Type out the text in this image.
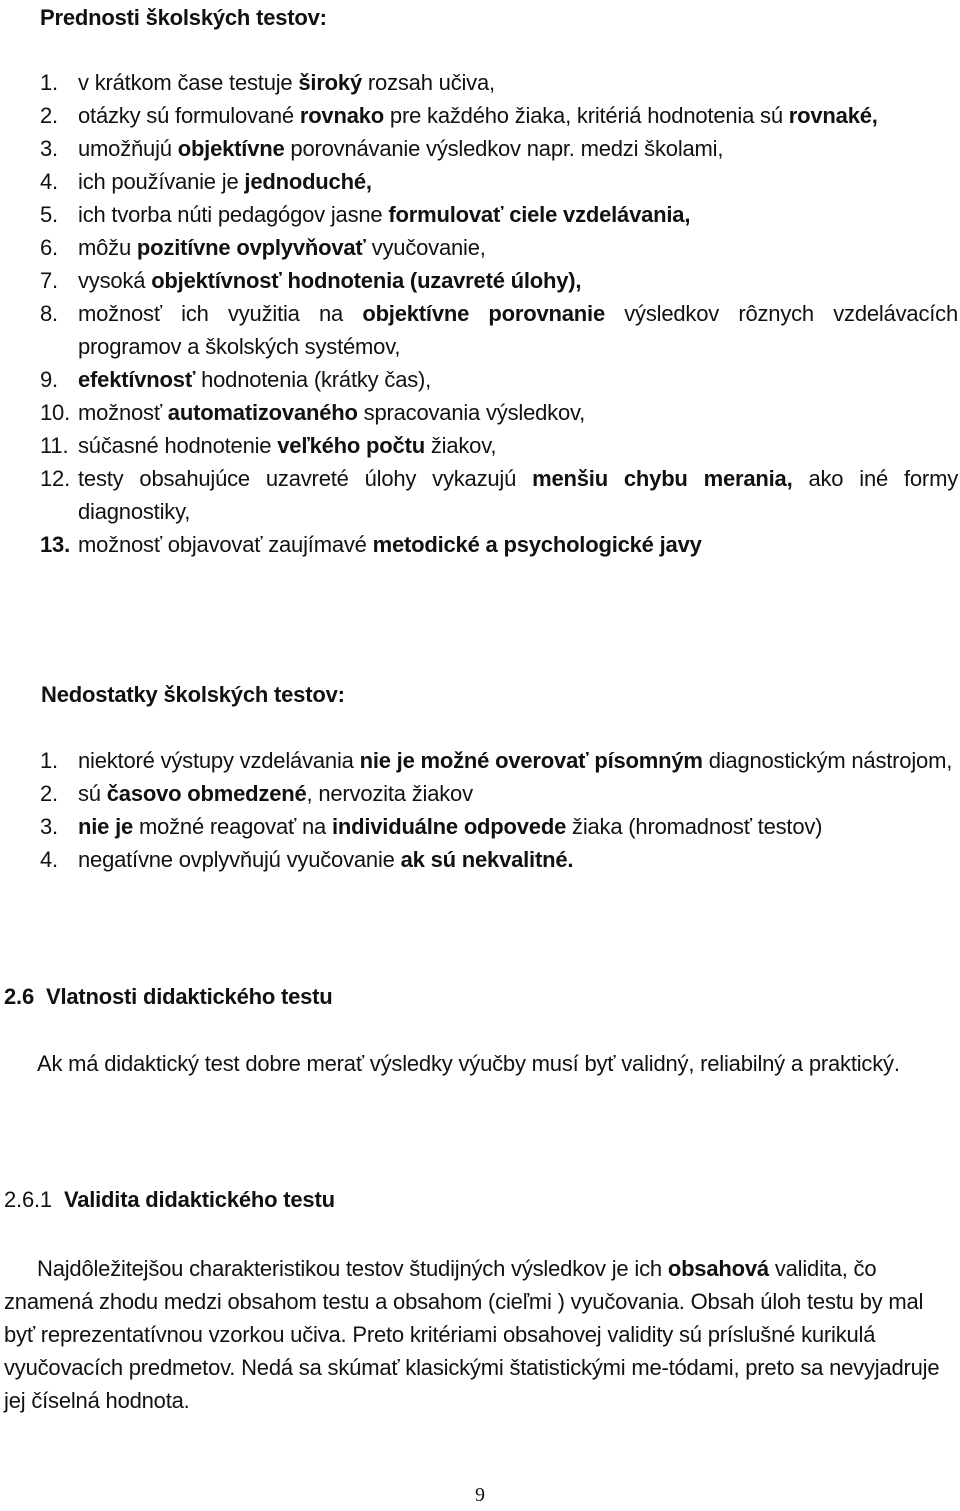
Prednosti školských testov:
1. v krátkom čase testuje široký rozsah učiva,
2. otázky sú formulované rovnako pre každého žiaka, kritériá hodnotenia sú rovnaké,
3. umožňujú objektívne porovnávanie výsledkov napr. medzi školami,
4. ich používanie je jednoduché,
5. ich tvorba núti pedagógov jasne formulovať ciele vzdelávania,
6. môžu pozitívne ovplyvňovať vyučovanie,
7. vysoká objektívnosť hodnotenia (uzavreté úlohy),
8. možnosť ich využitia na objektívne porovnanie výsledkov rôznych vzdelávacích programov a školských systémov,
9. efektívnosť hodnotenia (krátky čas),
10. možnosť automatizovaného spracovania výsledkov,
11. súčasné hodnotenie veľkého počtu žiakov,
12. testy obsahujúce uzavreté úlohy vykazujú menšiu chybu merania, ako iné formy diagnostiky,
13. možnosť objavovať zaujímavé metodické a psychologické javy
Nedostatky školských testov:
1. niektoré výstupy vzdelávania nie je možné overovať písomným diagnostickým nástrojom,
2. sú časovo obmedzené, nervozita žiakov
3. nie je možné reagovať na individuálne odpovede žiaka (hromadnosť testov)
4. negatívne ovplyvňujú vyučovanie ak sú nekvalitné.
2.6 Vlatnosti didaktického testu

Ak má didaktický test dobre merať výsledky výučby musí byť validný, reliabilný a praktický.

2.6.1 Validita didaktického testu

Najdôležitejšou charakteristikou testov študijných výsledkov je ich obsahová validita, čo znamená zhodu medzi obsahom testu a obsahom (cieľmi ) vyučovania. Obsah úloh testu by mal byť reprezentatívnou vzorkou učiva. Preto kritériami obsahovej validity sú príslušné kurikulá vyučovacích predmetov. Nedá sa skúmať klasickými štatistickými me-tódami, preto sa nevyjadruje jej číselná hodnota.

9
